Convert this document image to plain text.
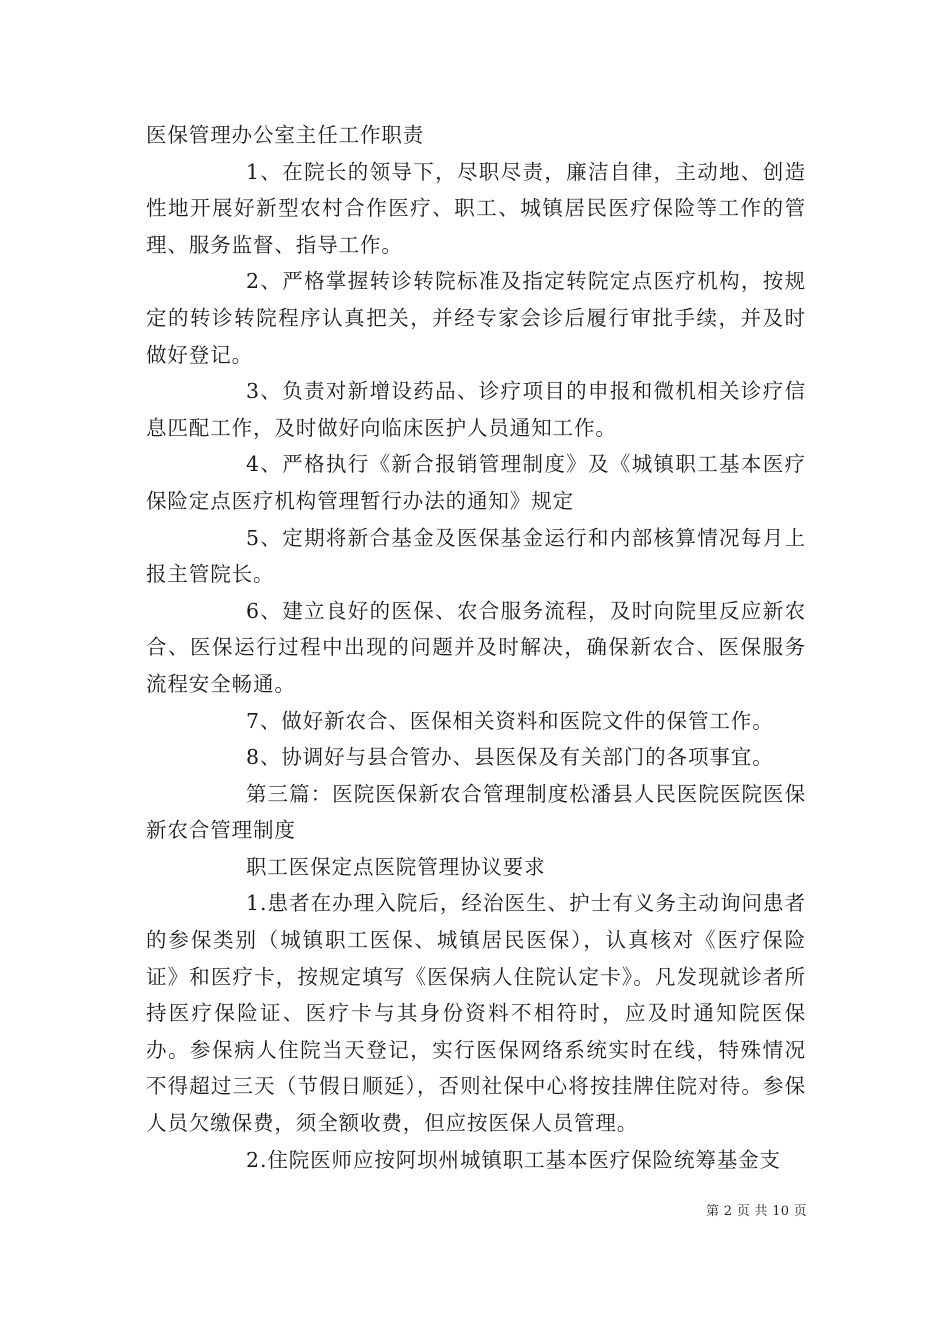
医保管理办公室主任工作职责

1、在院长的领导下，尽职尽责，廉洁自律，主动地、创造性地开展好新型农村合作医疗、职工、城镇居民医疗保险等工作的管理、服务监督、指导工作。

2、严格掌握转诊转院标准及指定转院定点医疗机构，按规定的转诊转院程序认真把关，并经专家会诊后履行审批手续，并及时做好登记。

3、负责对新增设药品、诊疗项目的申报和微机相关诊疗信息匹配工作，及时做好向临床医护人员通知工作。

4、严格执行《新合报销管理制度》及《城镇职工基本医疗保险定点医疗机构管理暂行办法的通知》规定

5、定期将新合基金及医保基金运行和内部核算情况每月上报主管院长。

6、建立良好的医保、农合服务流程，及时向院里反应新农合、医保运行过程中出现的问题并及时解决，确保新农合、医保服务流程安全畅通。

7、做好新农合、医保相关资料和医院文件的保管工作。

8、协调好与县合管办、县医保及有关部门的各项事宜。

第三篇：医院医保新农合管理制度松潘县人民医院医院医保新农合管理制度

职工医保定点医院管理协议要求

1.患者在办理入院后，经治医生、护士有义务主动询问患者的参保类别（城镇职工医保、城镇居民医保），认真核对《医疗保险证》和医疗卡，按规定填写《医保病人住院认定卡》。凡发现就诊者所持医疗保险证、医疗卡与其身份资料不相符时，应及时通知院医保办。参保病人住院当天登记，实行医保网络系统实时在线，特殊情况不得超过三天（节假日顺延），否则社保中心将按挂牌住院对待。参保人员欠缴保费，须全额收费，但应按医保人员管理。

2.住院医师应按阿坝州城镇职工基本医疗保险统筹基金支

第 2 页 共 10 页
